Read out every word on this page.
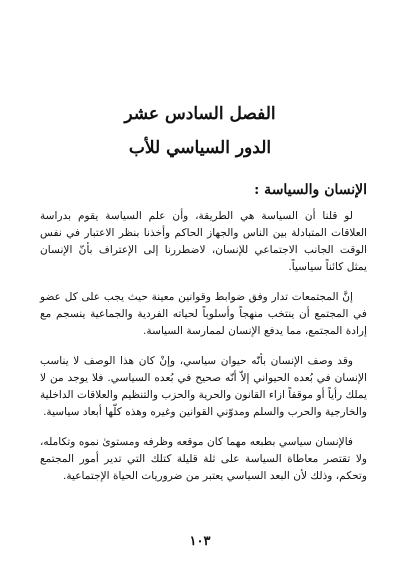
الفصل السادس عشر
الدور السياسي للأب
الإنسان والسياسة :

لو قلنا أن السياسة هي الطريقة، وأن علم السياسة يقوم بدراسة العلاقات المتبادلة بين الناس والجهاز الحاكم وأخذنا بنظر الاعتبار في نفس الوقت الجانب الاجتماعي للإنسان، لاضطررنا إلى الإعتراف بأنّ الإنسان يمثل كائناً سياسياً.

إنَّ المجتمعات تدار وفق ضوابط وقوانين معينة حيث يجب على كل عضو في المجتمع أن ينتخب منهجاً وأسلوباً لحياته الفردية والجماعية ينسجم مع إرادة المجتمع، مما يدفع الإنسان لممارسة السياسة.

وقد وصف الإنسان بأنّه حيوان سياسي، وإنْ كان هذا الوصف لا يناسب الإنسان في بُعده الحيواني إلاّ أنّه صحيح في بُعده السياسي. فلا يوجد من لا يملك رأياً أو موقفاً ازاء القانون والحرية والحزب والتنظيم والعلاقات الداخلية والخارجية والحرب والسلم ومدوّني القوانين وغيره وهذه كلّها أبعاد سياسية.

فالإنسان سياسي بطبعه مهما كان موقعه وظرفه ومستوىٰ نموه وتكامله، ولا تقتصر معاطاة السياسة على ثلة قليلة كتلك التي تدير أمور المجتمع وتحكم، وذلك لأن البعد السياسي يعتبر من ضروريات الحياة الإجتماعية.

١٠٣
